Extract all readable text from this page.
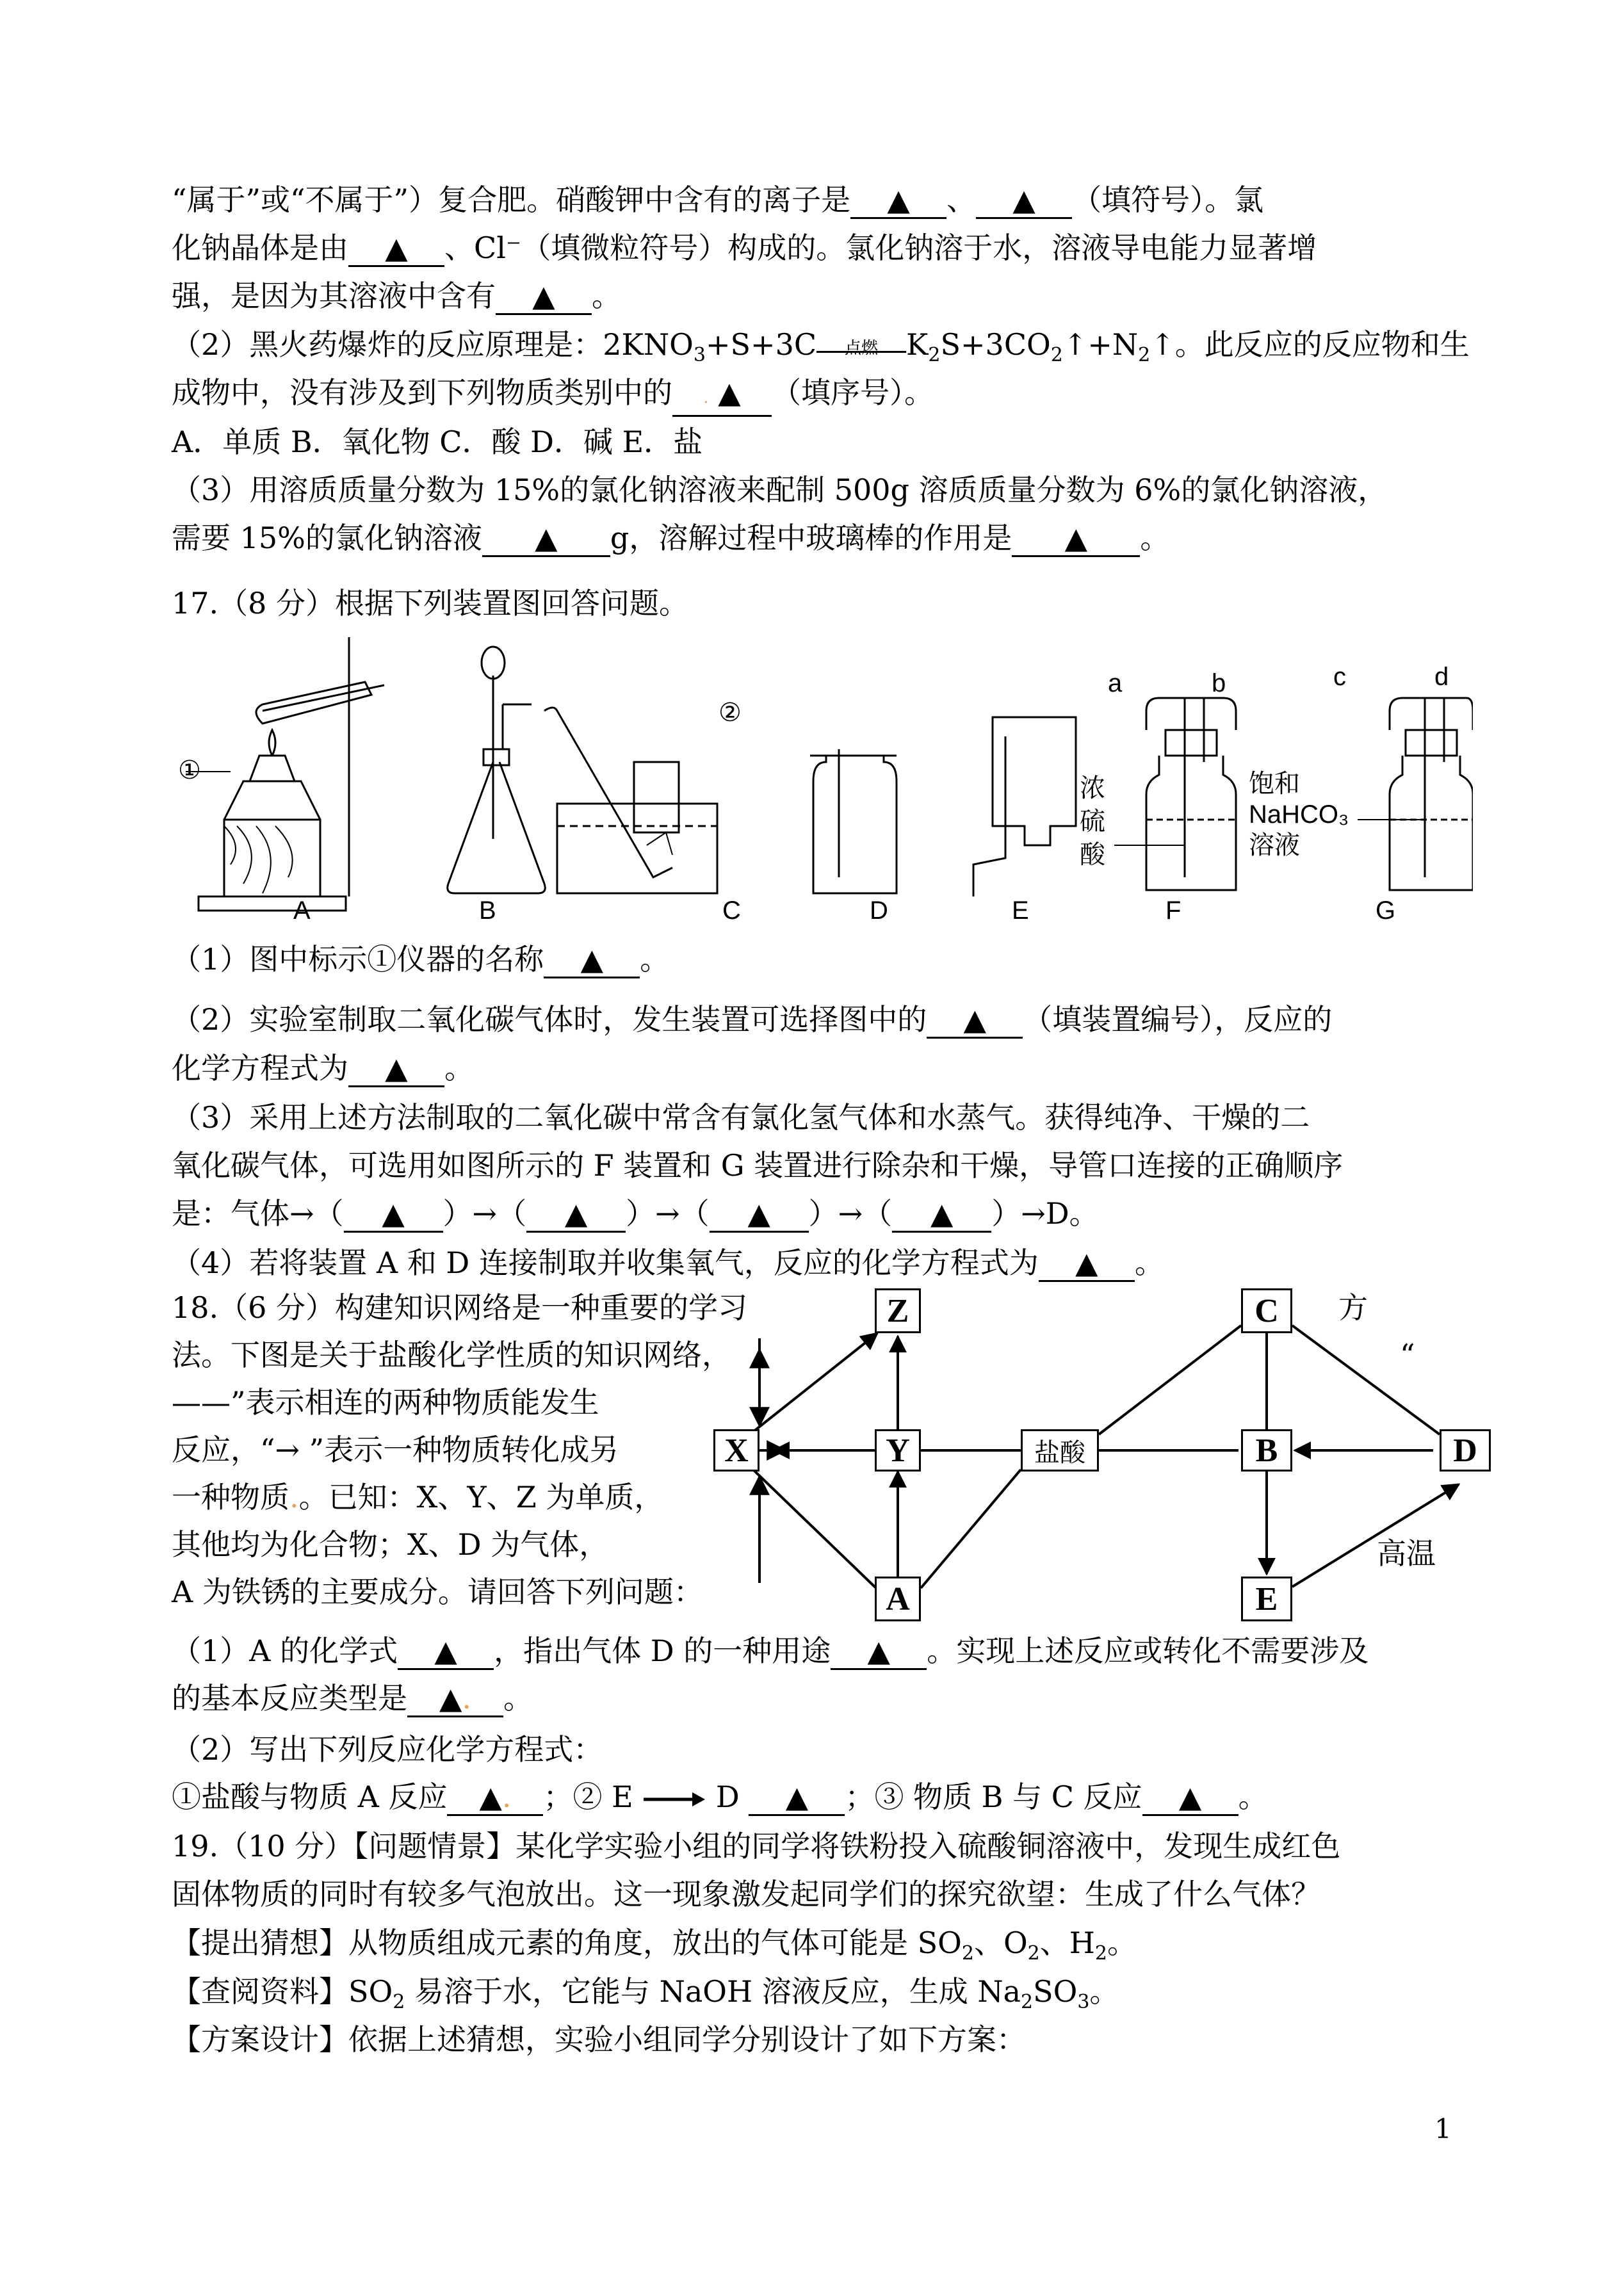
“属于”或“不属于”）复合肥。硝酸钾中含有的离子是 ▲ 、 ▲ （填符号）。氯
化钠晶体是由 ▲ 、Cl⁻（填微粒符号）构成的。氯化钠溶于水，溶液导电能力显著增
强，是因为其溶液中含有 ▲ 。
（2）黑火药爆炸的反应原理是：$2KNO_3+S+3C$	点燃 $K_2S+3CO_2↑+N_2↑$。此反应的反应物和生
成物中，没有涉及到下列物质类别中的 . ▲ （填序号）。
A．单质 B．氧化物 C．酸 D．碱 E．盐
（3）用溶质质量分数为 15%的氯化钠溶液来配制 500g 溶质质量分数为 6%的氯化钠溶液，
需要 15%的氯化钠溶液 ▲ g，溶解过程中玻璃棒的作用是 ▲ 。
17.（8 分）根据下列装置图回答问题。
①
②
A	B	C	D	E	F	G
a	b	c	d
浓
硫
酸
饱和
NaHCO₃
溶液
（1）图中标示①仪器的名称 ▲ 。
（2）实验室制取二氧化碳气体时，发生装置可选择图中的 ▲ （填装置编号），反应的
化学方程式为 ▲ 。
（3）采用上述方法制取的二氧化碳中常含有氯化氢气体和水蒸气。获得纯净、干燥的二
氧化碳气体，可选用如图所示的 F 装置和 G 装置进行除杂和干燥，导管口连接的正确顺序
是：气体→（ ▲ ）→（ ▲ ）→（ ▲ ）→（ ▲ ）→D。
（4）若将装置 A 和 D 连接制取并收集氧气，反应的化学方程式为 ▲ 。
18.（6 分）构建知识网络是一种重要的学习	方
法。下图是关于盐酸化学性质的知识网络，	“
——”表示相连的两种物质能发生
反应，“→ ”表示一种物质转化成另
一种物质.。已知：X、Y、Z 为单质，
其他均为化合物；X、D 为气体，
A 为铁锈的主要成分。请回答下列问题：
Z
X	Y	盐酸
A
C
B	D
E
高温
（1）A 的化学式 ▲ ，指出气体 D 的一种用途 ▲ 。实现上述反应或转化不需要涉及
的基本反应类型是 ▲. 。
（2）写出下列反应化学方程式：
①盐酸与物质 A 反应 ▲. ；② E	D ▲ ；③ 物质 B 与 C 反应 ▲ 。
19.（10 分）【问题情景】某化学实验小组的同学将铁粉投入硫酸铜溶液中，发现生成红色
固体物质的同时有较多气泡放出。这一现象激发起同学们的探究欲望：生成了什么气体？
【提出猜想】从物质组成元素的角度，放出的气体可能是 $SO_2$、$O_2$、$H_2$。
【查阅资料】$SO_2$ 易溶于水，它能与 NaOH 溶液反应，生成 $Na_2SO_3$。
【方案设计】依据上述猜想，实验小组同学分别设计了如下方案：
1
